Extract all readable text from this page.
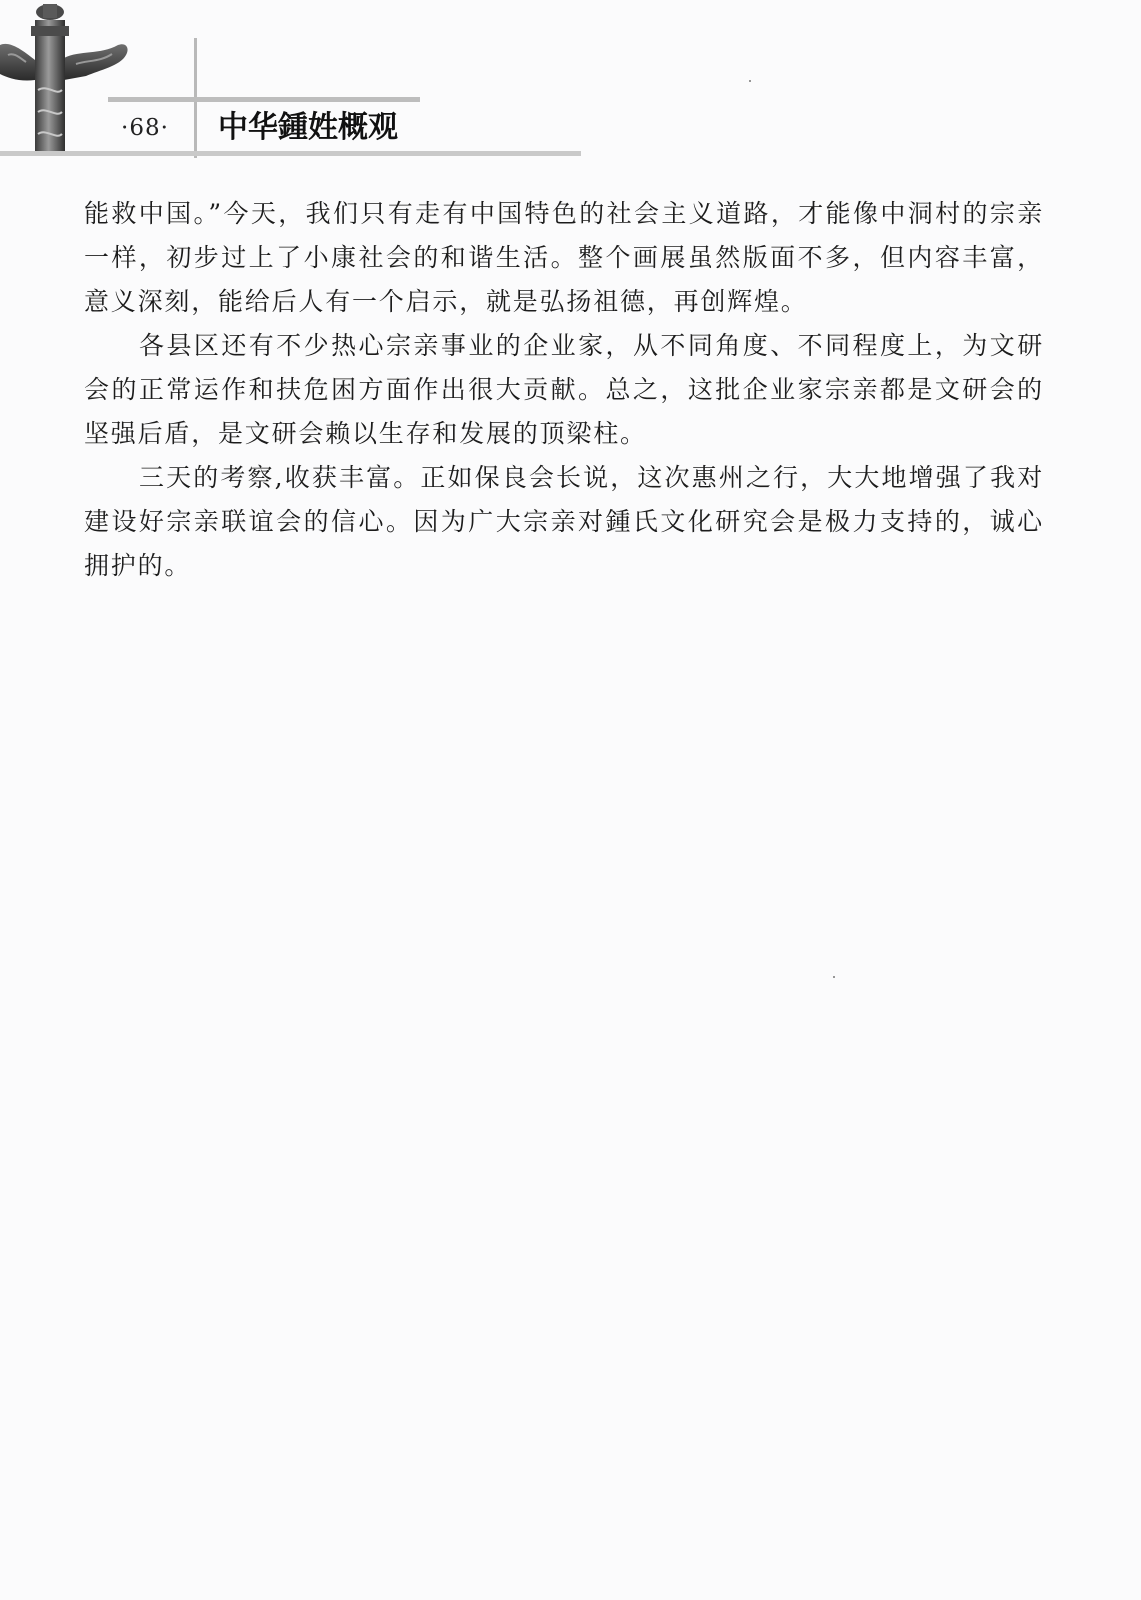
·68·	中华鍾姓概观

能救中国。”今天，我们只有走有中国特色的社会主义道路，才能像中洞村的宗亲一样，初步过上了小康社会的和谐生活。整个画展虽然版面不多，但内容丰富，意义深刻，能给后人有一个启示，就是弘扬祖德，再创辉煌。

各县区还有不少热心宗亲事业的企业家，从不同角度、不同程度上，为文研会的正常运作和扶危困方面作出很大贡献。总之，这批企业家宗亲都是文研会的坚强后盾，是文研会赖以生存和发展的顶梁柱。

三天的考察,收获丰富。正如保良会长说，这次惠州之行，大大地增强了我对建设好宗亲联谊会的信心。因为广大宗亲对鍾氏文化研究会是极力支持的，诚心拥护的。
